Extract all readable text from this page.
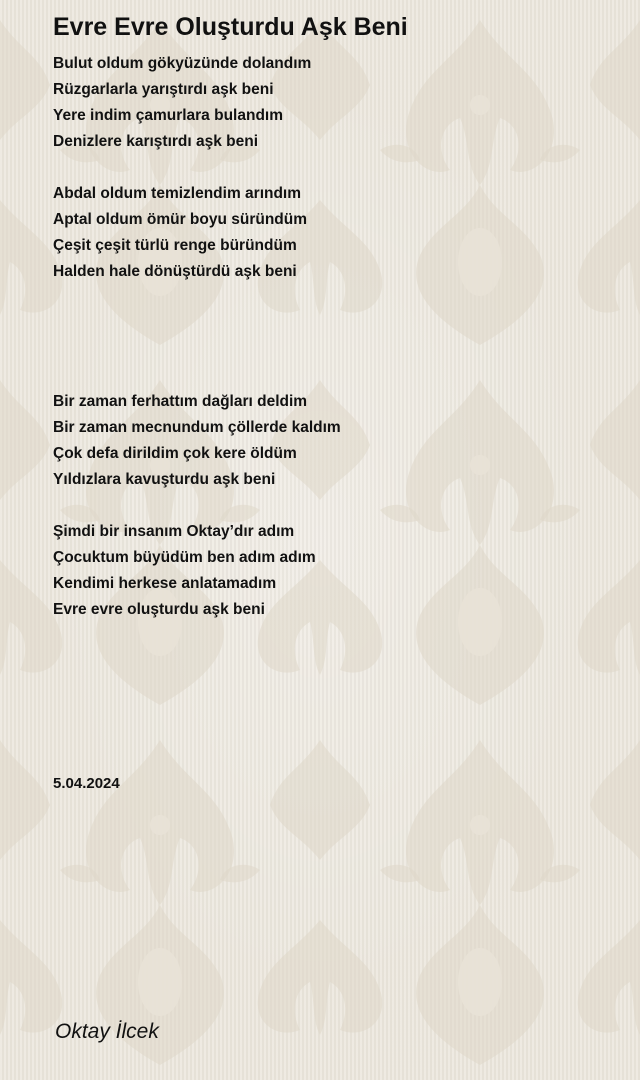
Evre Evre Oluşturdu Aşk Beni
Bulut oldum gökyüzünde dolandım
Rüzgarlarla yarıştırdı aşk beni
Yere indim çamurlara bulandım
Denizlere karıştırdı aşk beni
Abdal oldum temizlendim arındım
Aptal oldum ömür boyu süründüm
Çeşit çeşit türlü renge büründüm
Halden hale dönüştürdü aşk beni
Bir zaman ferhattım dağları deldim
Bir zaman mecnundum çöllerde kaldım
Çok defa dirildim çok kere öldüm
Yıldızlara kavuşturdu aşk beni
Şimdi bir insanım Oktay’dır adım
Çocuktum büyüdüm ben adım adım
Kendimi herkese anlatamadım
Evre evre oluşturdu aşk beni
5.04.2024
Oktay İlcek
